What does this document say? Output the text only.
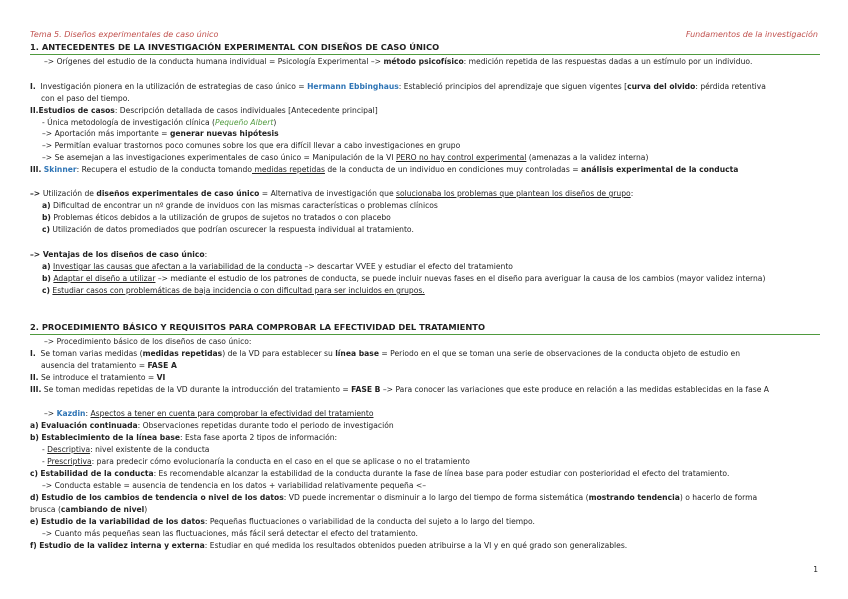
Tema 5. Diseños experimentales de caso único	Fundamentos de la investigación
1. ANTECEDENTES DE LA INVESTIGACIÓN EXPERIMENTAL CON DISEÑOS DE CASO ÚNICO
–> Orígenes del estudio de la conducta humana individual = Psicología Experimental –> método psicofísico: medición repetida de las respuestas dadas a un estímulo por un individuo.
I. Investigación pionera en la utilización de estrategias de caso único = Hermann Ebbinghaus: Estableció principios del aprendizaje que siguen vigentes [curva del olvido: pérdida retentiva
con el paso del tiempo.
II.Estudios de casos: Descripción detallada de casos individuales [Antecedente principal]
- Única metodología de investigación clínica (Pequeño Albert)
–> Aportación más importante = generar nuevas hipótesis
–> Permitían evaluar trastornos poco comunes sobre los que era difícil llevar a cabo investigaciones en grupo
–> Se asemejan a las investigaciones experimentales de caso único = Manipulación de la VI PERO no hay control experimental (amenazas a la validez interna)
III. Skinner: Recupera el estudio de la conducta tomando medidas repetidas de la conducta de un individuo en condiciones muy controladas = análisis experimental de la conducta
–> Utilización de diseños experimentales de caso único = Alternativa de investigación que solucionaba los problemas que plantean los diseños de grupo:
a) Dificultad de encontrar un nº grande de inviduos con las mismas características o problemas clínicos
b) Problemas éticos debidos a la utilización de grupos de sujetos no tratados o con placebo
c) Utilización de datos promediados que podrían oscurecer la respuesta individual al tratamiento.
–> Ventajas de los diseños de caso único:
a) Investigar las causas que afectan a la variabilidad de la conducta –> descartar VVEE y estudiar el efecto del tratamiento
b) Adaptar el diseño a utilizar –> mediante el estudio de los patrones de conducta, se puede incluir nuevas fases en el diseño para averiguar la causa de los cambios (mayor validez interna)
c) Estudiar casos con problemáticas de baja incidencia o con dificultad para ser incluidos en grupos.
2. PROCEDIMIENTO BÁSICO Y REQUISITOS PARA COMPROBAR LA EFECTIVIDAD DEL TRATAMIENTO
–> Procedimiento básico de los diseños de caso único:
I. Se toman varias medidas (medidas repetidas) de la VD para establecer su línea base = Periodo en el que se toman una serie de observaciones de la conducta objeto de estudio en
ausencia del tratamiento = FASE A
II. Se introduce el tratamiento = VI
III. Se toman medidas repetidas de la VD durante la introducción del tratamiento = FASE B –> Para conocer las variaciones que este produce en relación a las medidas establecidas en la fase A
–> Kazdin: Aspectos a tener en cuenta para comprobar la efectividad del tratamiento
a) Evaluación continuada: Observaciones repetidas durante todo el periodo de investigación
b) Establecimiento de la línea base: Esta fase aporta 2 tipos de información:
- Descriptiva: nivel existente de la conducta
- Prescriptiva: para predecir cómo evolucionaría la conducta en el caso en el que se aplicase o no el tratamiento
c) Estabilidad de la conducta: Es recomendable alcanzar la estabilidad de la conducta durante la fase de línea base para poder estudiar con posterioridad el efecto del tratamiento.
–> Conducta estable = ausencia de tendencia en los datos + variabilidad relativamente pequeña <–
d) Estudio de los cambios de tendencia o nivel de los datos: VD puede incrementar o disminuir a lo largo del tiempo de forma sistemática (mostrando tendencia) o hacerlo de forma
brusca (cambiando de nivel)
e) Estudio de la variabilidad de los datos: Pequeñas fluctuaciones o variabilidad de la conducta del sujeto a lo largo del tiempo.
–> Cuanto más pequeñas sean las fluctuaciones, más fácil será detectar el efecto del tratamiento.
f) Estudio de la validez interna y externa: Estudiar en qué medida los resultados obtenidos pueden atribuirse a la VI y en qué grado son generalizables.
1
